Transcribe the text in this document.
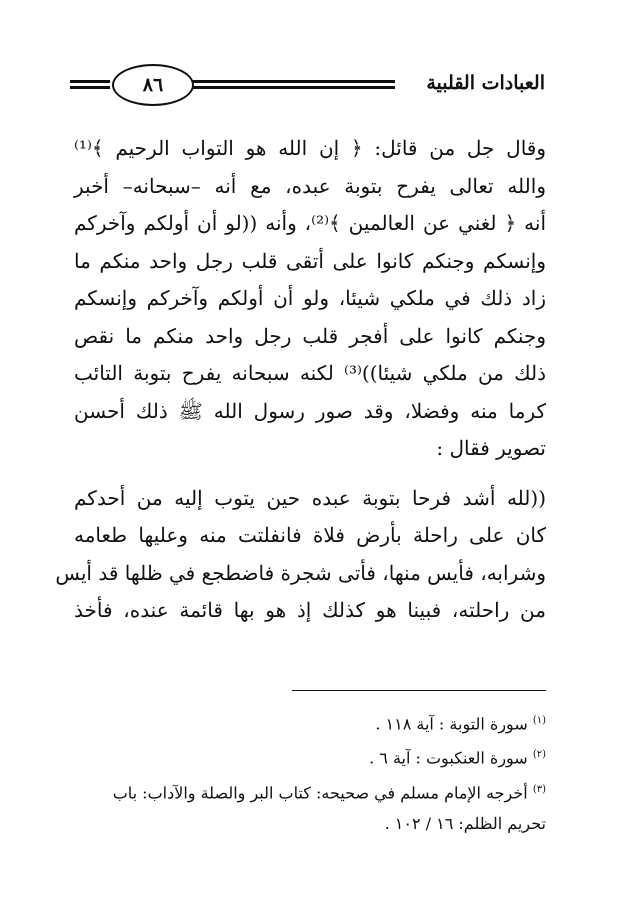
العبادات القلبية
٨٦
وقال جل من قائل: ﴿ إن الله هو التواب الرحيم ﴾⁽¹⁾
والله تعالى يفرح بتوبة عبده، مع أنه –سبحانه– أخبر
أنه ﴿ لغني عن العالمين ﴾⁽²⁾، وأنه ((لو أن أولكم وآخركم
وإنسكم وجنكم كانوا على أتقى قلب رجل واحد منكم ما
زاد ذلك في ملكي شيئا، ولو أن أولكم وآخركم وإنسكم
وجنكم كانوا على أفجر قلب رجل واحد منكم ما نقص
ذلك من ملكي شيئا))⁽³⁾ لكنه سبحانه يفرح بتوبة التائب
كرما منه وفضلا، وقد صور رسول الله ﷺ ذلك أحسن
تصوير فقال :
((لله أشد فرحا بتوبة عبده حين يتوب إليه من أحدكم
كان على راحلة بأرض فلاة فانفلتت منه وعليها طعامه
وشرابه، فأيس منها، فأتى شجرة فاضطجع في ظلها قد أيس
من راحلته، فبينا هو كذلك إذ هو بها قائمة عنده، فأخذ
$^{(١)}$ سورة التوبة : آية ١١٨ .
$^{(٢)}$ سورة العنكبوت : آية ٦ .
$^{(٣)}$ أخرجه الإمام مسلم في صحيحه: كتاب البر والصلة والآداب: باب
تحريم الظلم: ١٦ / ١٠٢ .
